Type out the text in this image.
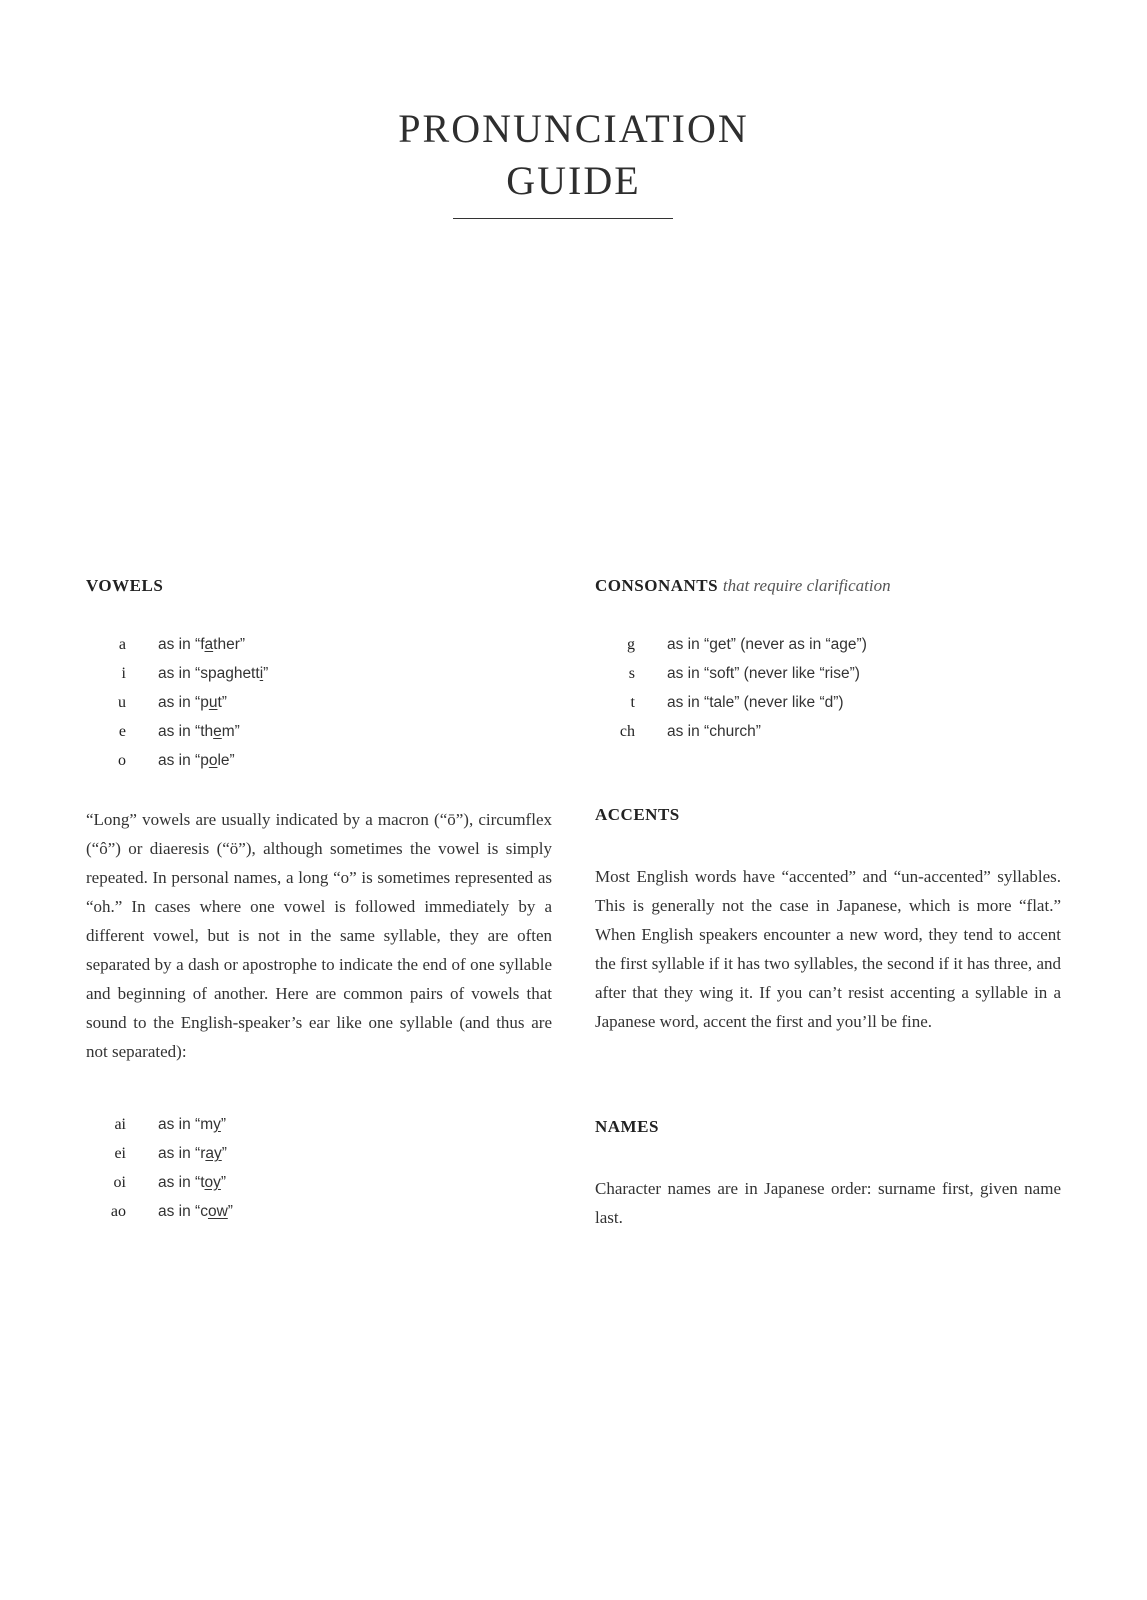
PRONUNCIATION
GUIDE
VOWELS
a as in “father”
i as in “spaghetti”
u as in “put”
e as in “them”
o as in “pole”

“Long” vowels are usually indicated by a macron (“ō”), circumflex (“ô”) or diaeresis (“ö”), although sometimes the vowel is simply repeated. In personal names, a long “o” is sometimes represented as “oh.” In cases where one vowel is followed immediately by a different vowel, but is not in the same syllable, they are often separated by a dash or apostrophe to indicate the end of one syllable and beginning of another. Here are common pairs of vowels that sound to the English-speaker’s ear like one syllable (and thus are not separated):

ai as in “my”
ei as in “ray”
oi as in “toy”
ao as in “cow”
CONSONANTS that require clarification
g as in “get” (never as in “age”)
s as in “soft” (never like “rise”)
t as in “tale” (never like “d”)
ch as in “church”
ACCENTS

Most English words have “accented” and “un-accented” syllables. This is generally not the case in Japanese, which is more “flat.” When English speakers encounter a new word, they tend to accent the first syllable if it has two syllables, the second if it has three, and after that they wing it. If you can’t resist accenting a syllable in a Japanese word, accent the first and you’ll be fine.

NAMES

Character names are in Japanese order: surname first, given name last.
